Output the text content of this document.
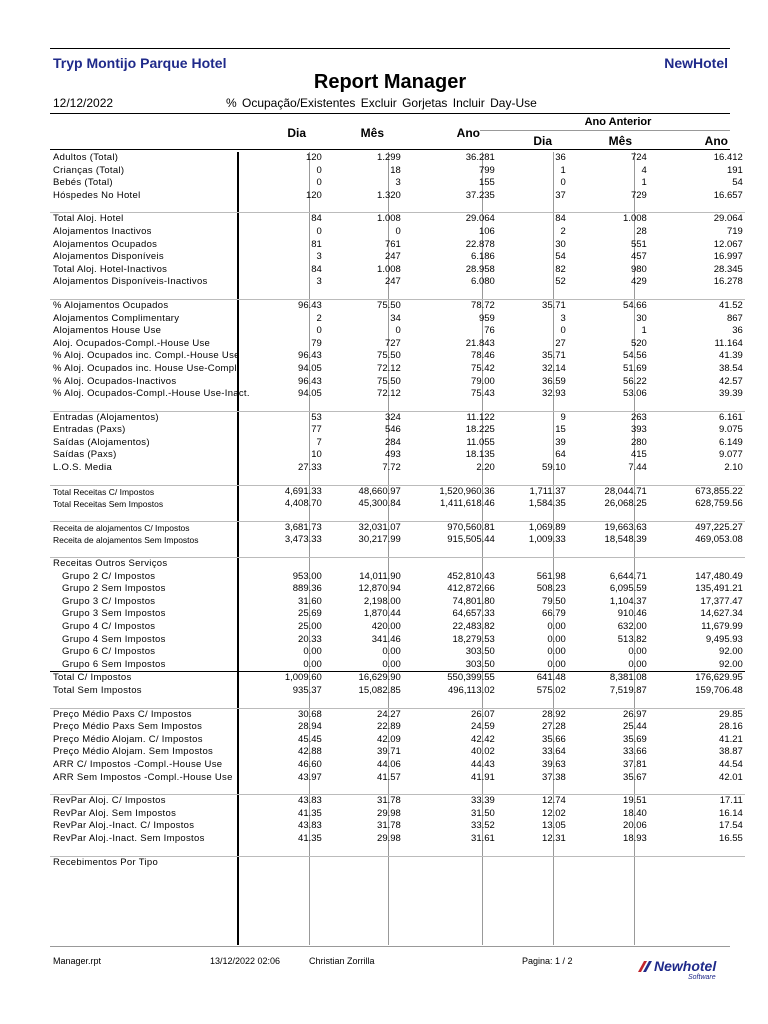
Tryp Montijo Parque Hotel	NewHotel
Report Manager
12/12/2022	% Ocupação/Existentes Excluir Gorjetas Incluir Day-Use
Ano Anterior
Dia	Mês	Ano
Dia	Mês	Ano
Adultos (Total)	120	1.299	36.281	36	724	16.412
Crianças (Total)	0	18	799	1	4	191
Bebés (Total)	0	3	155	0	1	54
Hóspedes No Hotel	120	1.320	37.235	37	729	16.657

Total Aloj. Hotel	84	1.008	29.064	84	1.008	29.064
Alojamentos Inactivos	0	0	106	2	28	719
Alojamentos Ocupados	81	761	22.878	30	551	12.067
Alojamentos Disponíveis	3	247	6.186	54	457	16.997
Total Aloj. Hotel-Inactivos	84	1.008	28.958	82	980	28.345
Alojamentos Disponíveis-Inactivos	3	247	6.080	52	429	16.278

% Alojamentos Ocupados	96.43	75.50	78.72	35.71	54.66	41.52
Alojamentos Complimentary	2	34	959	3	30	867
Alojamentos House Use	0	0	76	0	1	36
Aloj. Ocupados-Compl.-House Use	79	727	21.843	27	520	11.164
% Aloj. Ocupados inc. Compl.-House Use	96.43	75.50	78.46	35.71	54.56	41.39
% Aloj. Ocupados inc. House Use-Compl.	94.05	72.12	75.42	32.14	51.69	38.54
% Aloj. Ocupados-Inactivos	96.43	75.50	79.00	36.59	56.22	42.57
% Aloj. Ocupados-Compl.-House Use-Inact.	94.05	72.12	75.43	32.93	53.06	39.39

Entradas (Alojamentos)	53	324	11.122	9	263	6.161
Entradas (Paxs)	77	546	18.225	15	393	9.075
Saídas (Alojamentos)	7	284	11.055	39	280	6.149
Saídas (Paxs)	10	493	18.135	64	415	9.077
L.O.S. Media	27.33	7.72	2.20	59.10	7.44	2.10

Total Receitas C/ Impostos	4,691.33	48,660.97	1,520,960.36	1,711.37	28,044.71	673,855.22
Total Receitas Sem Impostos	4,408.70	45,300.84	1,411,618.46	1,584.35	26,068.25	628,759.56

Receita de alojamentos C/ Impostos	3,681.73	32,031.07	970,560.81	1,069.89	19,663.63	497,225.27
Receita de alojamentos Sem Impostos	3,473.33	30,217.99	915,505.44	1,009.33	18,548.39	469,053.08

Receitas Outros Serviços						
Grupo 2 C/ Impostos	953.00	14,011.90	452,810.43	561.98	6,644.71	147,480.49
Grupo 2 Sem Impostos	889.36	12,870.94	412,872.66	508.23	6,095.59	135,491.21
Grupo 3 C/ Impostos	31.60	2,198.00	74,801.80	79.50	1,104.37	17,377.47
Grupo 3 Sem Impostos	25.69	1,870.44	64,657.33	66.79	910.46	14,627.34
Grupo 4 C/ Impostos	25.00	420.00	22,483.82	0.00	632.00	11,679.99
Grupo 4 Sem Impostos	20.33	341.46	18,279.53	0.00	513.82	9,495.93
Grupo 6 C/ Impostos	0.00	0.00	303.50	0.00	0.00	92.00
Grupo 6 Sem Impostos	0.00	0.00	303.50	0.00	0.00	92.00
Total C/ Impostos	1,009.60	16,629.90	550,399.55	641.48	8,381.08	176,629.95
Total Sem Impostos	935.37	15,082.85	496,113.02	575.02	7,519.87	159,706.48

Preço Médio Paxs C/ Impostos	30.68	24.27	26.07	28.92	26.97	29.85
Preço Médio Paxs Sem Impostos	28.94	22.89	24.59	27.28	25.44	28.16
Preço Médio Alojam. C/ Impostos	45.45	42.09	42.42	35.66	35.69	41.21
Preço Médio Alojam. Sem Impostos	42.88	39.71	40.02	33.64	33.66	38.87
ARR C/ Impostos -Compl.-House Use	46.60	44.06	44.43	39.63	37.81	44.54
ARR Sem Impostos -Compl.-House Use	43.97	41.57	41.91	37.38	35.67	42.01

RevPar Aloj. C/ Impostos	43.83	31.78	33.39	12.74	19.51	17.11
RevPar Aloj. Sem Impostos	41.35	29.98	31.50	12.02	18.40	16.14
RevPar Aloj.-Inact. C/ Impostos	43.83	31.78	33.52	13.05	20.06	17.54
RevPar Aloj.-Inact. Sem Impostos	41.35	29.98	31.61	12.31	18.93	16.55

Recebimentos Por Tipo						
Manager.rpt	13/12/2022 02:06	Christian Zorrilla	Pagina: 1 / 2	Newhotel
Software
